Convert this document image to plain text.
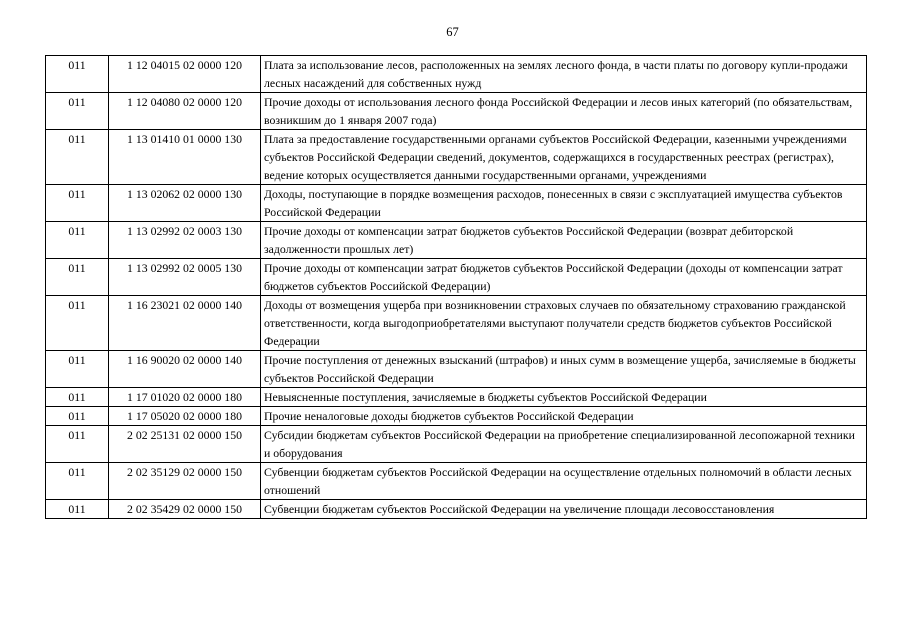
67
011	1 12 04015 02 0000 120	Плата за использование лесов, расположенных на землях лесного фонда, в части платы по договору купли-продажи лесных насаждений для собственных нужд
011	1 12 04080 02 0000 120	Прочие доходы от использования лесного фонда Российской Федерации и лесов иных категорий (по обязательствам, возникшим до 1 января 2007 года)
011	1 13 01410 01 0000 130	Плата за предоставление государственными органами субъектов Российской Федерации, казенными учреждениями субъектов Российской Федерации сведений, документов, содержащихся в государственных реестрах (регистрах), ведение которых осуществляется данными государственными органами, учреждениями
011	1 13 02062 02 0000 130	Доходы, поступающие в порядке возмещения расходов, понесенных в связи с эксплуатацией имущества субъектов Российской Федерации
011	1 13 02992 02 0003 130	Прочие доходы от компенсации затрат бюджетов субъектов Российской Федерации (возврат дебиторской задолженности прошлых лет)
011	1 13 02992 02 0005 130	Прочие доходы от компенсации затрат бюджетов субъектов Российской Федерации (доходы от компенсации затрат бюджетов субъектов Российской Федерации)
011	1 16 23021 02 0000 140	Доходы от возмещения ущерба при возникновении страховых случаев по обязательному страхованию гражданской ответственности, когда выгодоприобретателями выступают получатели средств бюджетов субъектов Российской Федерации
011	1 16 90020 02 0000 140	Прочие поступления от денежных взысканий (штрафов) и иных сумм в возмещение ущерба, зачисляемые в бюджеты субъектов Российской Федерации
011	1 17 01020 02 0000 180	Невыясненные поступления, зачисляемые в бюджеты субъектов Российской Федерации
011	1 17 05020 02 0000 180	Прочие неналоговые доходы бюджетов субъектов Российской Федерации
011	2 02 25131 02 0000 150	Субсидии бюджетам субъектов Российской Федерации на приобретение специализированной лесопожарной техники и оборудования
011	2 02 35129 02 0000 150	Субвенции бюджетам субъектов Российской Федерации на осуществление отдельных полномочий в области лесных отношений
011	2 02 35429 02 0000 150	Субвенции бюджетам субъектов Российской Федерации на увеличение площади лесовосстановления
